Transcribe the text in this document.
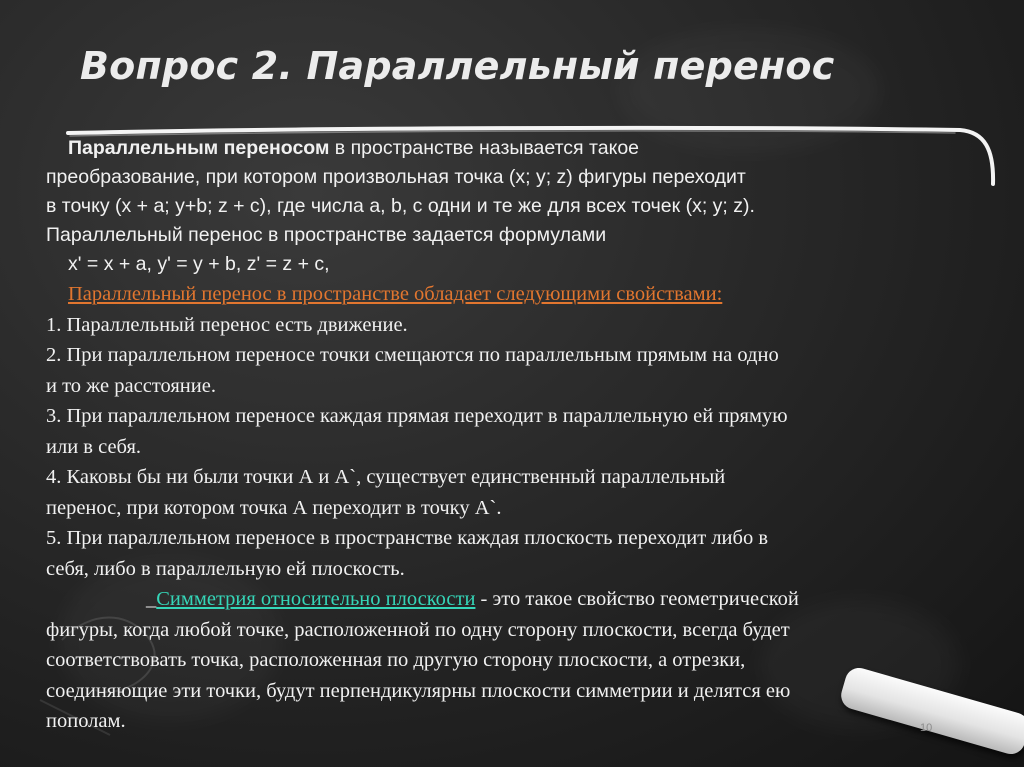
Вопрос 2. Параллельный перенос
Параллельным переносом в пространстве называется такое
преобразование, при котором произвольная точка (x; y; z) фигуры переходит
в точку (x + a; y+b; z + c), где числа a, b, c одни и те же для всех точек (x; y; z).
Параллельный перенос в пространстве задается формулами
x' = x + a, y' = y + b, z' = z + c,
Параллельный перенос в пространстве обладает следующими свойствами:
1. Параллельный перенос есть движение.
2. При параллельном переносе точки смещаются по параллельным прямым на одно
и то же расстояние.
3. При параллельном переносе каждая прямая переходит в параллельную ей прямую
или в себя.
4. Каковы бы ни были точки А и А`, существует единственный параллельный
перенос, при котором точка А переходит в точку А`.
5. При параллельном переносе в пространстве каждая плоскость переходит либо в
себя, либо в параллельную ей плоскость.
_Симметрия относительно плоскости - это такое свойство геометрической
фигуры, когда любой точке, расположенной по одну сторону плоскости, всегда будет
соответствовать точка, расположенная по другую сторону плоскости, а отрезки,
соединяющие эти точки, будут перпендикулярны плоскости симметрии и делятся ею
пополам.	10
